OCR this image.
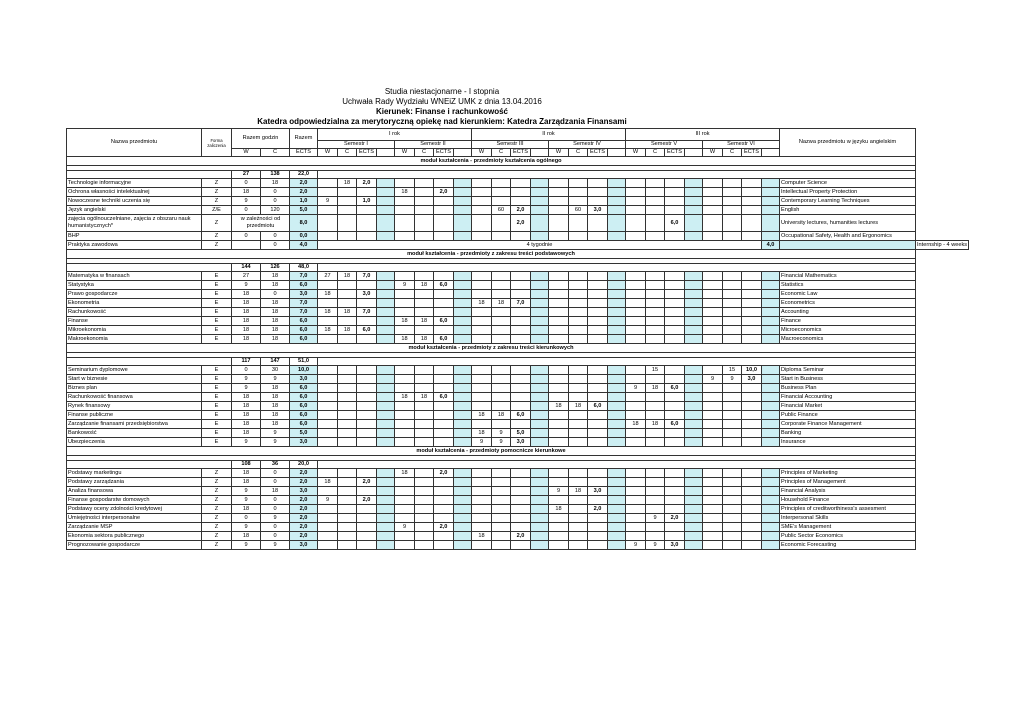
Studia niestacjonarne - I stopnia
Uchwała Rady Wydziału WNEiZ UMK z dnia 13.04.2016
Kierunek: Finanse i rachunkowość
Katedra odpowiedzialna za merytoryczną opiekę nad kierunkiem: Katedra Zarządzania Finansami
Nazwa przedmiotu	Forma zaliczenia	Razem godzin		Razem	I rok								II rok								III rok								Nazwa przedmiotu w języku angielskim	
					Semestr I				Semestr II				Semestr III				Semestr IV				Semestr V				Semestr VI					
		W	Ć	ECTS	W	Ć	ECTS		W	Ć	ECTS		W	Ć	ECTS		W	Ć	ECTS		W	Ć	ECTS		W	Ć	ECTS			
moduł kształcenia - przedmioty kształcenia ogólnego																														

		27	138	22,0																										
Technologie informacyjne	Z	0	18	2,0		18	2,0																						Computer Science	
Ochrona własności intelektualnej	Z	18	0	2,0					18		2,0																		Intellectual Property Protection	
Nowoczesne techniki uczenia się	Z	9	0	1,0	9		1,0																						Contemporary Learning Techniques	
Język angielski	Z/E	0	120	5,0										60	2,0			60	3,0										English	
zajęcia ogólnouczelniane, zajęcia z obszaru nauk humanistycznych*	Z	w zależności od przedmiotu		8,0											2,0								6,0						University lectures, humanities lectures	
BHP	Z	0	0	0,0																									Occupational Safety, Health and Ergonomics	
Praktyka zawodowa	Z		0	4,0	4 tygodnie																							4,0		Internship - 4 weeks
moduł kształcenia - przedmioty z zakresu treści podstawowych																														

		144	126	48,0																										
Matematyka w finansach	E	27	18	7,0	27	18	7,0																						Financial Mathematics	
Statystyka	E	9	18	6,0					9	18	6,0																		Statistics	
Prawo gospodarcze	E	18	0	3,0	18		3,0																						Economic Law	
Ekonometria	E	18	18	7,0									18	18	7,0														Econometrics	
Rachunkowość	E	18	18	7,0	18	18	7,0																						Accounting	
Finanse	E	18	18	6,0					18	18	6,0																		Finance	
Mikroekonomia	E	18	18	6,0	18	18	6,0																						Microeconomics	
Makroekonomia	E	18	18	6,0					18	18	6,0																		Macroeconomics	
moduł kształcenia - przedmioty z zakresu treści kierunkowych																														

		117	147	51,0																										
Seminarium dyplomowe	E	0	30	10,0																		15				15	10,0		Diploma Seminar	
Start w biznesie	E	9	9	3,0																					9	9	3,0		Start in Business	
Biznes plan	E	9	18	6,0																	9	18	6,0						Business Plan	
Rachunkowość finansowa	E	18	18	6,0					18	18	6,0																		Financial Accounting	
Rynek finansowy	E	18	18	6,0													18	18	6,0										Financial Market	
Finanse publiczne	E	18	18	6,0									18	18	6,0														Public Finance	
Zarządzanie finansami przedsiębiorstwa	E	18	18	6,0																	18	18	6,0						Corporate Finance Management	
Bankowość	E	18	9	5,0									18	9	5,0														Banking	
Ubezpieczenia	E	9	9	3,0									9	9	3,0														Insurance	
moduł kształcenia - przedmioty pomocnicze kierunkowe																														

		108	36	20,0																										
Podstawy marketingu	Z	18	0	2,0					18		2,0																		Principles of Marketing	
Podstawy zarządzania	Z	18	0	2,0	18		2,0																						Principles of Management	
Analiza finansowa	Z	9	18	3,0													9	18	3,0										Financial Analysis	
Finanse gospodarstw domowych	Z	9	0	2,0	9		2,0																						Household Finance	
Podstawy oceny zdolności kredytowej	Z	18	0	2,0													18		2,0										Principles of creditworthiness's assesment	
Umiejętności interpersonalne	Z	0	9	2,0																		9	2,0						Interpersonal Skills	
Zarządzanie MSP	Z	9	0	2,0					9		2,0																		SME's Management	
Ekonomia sektora publicznego	Z	18	0	2,0									18		2,0														Public Sector Economics	
Prognozowanie gospodarcze	Z	9	9	3,0																	9	9	3,0						Economic Forecasting	
